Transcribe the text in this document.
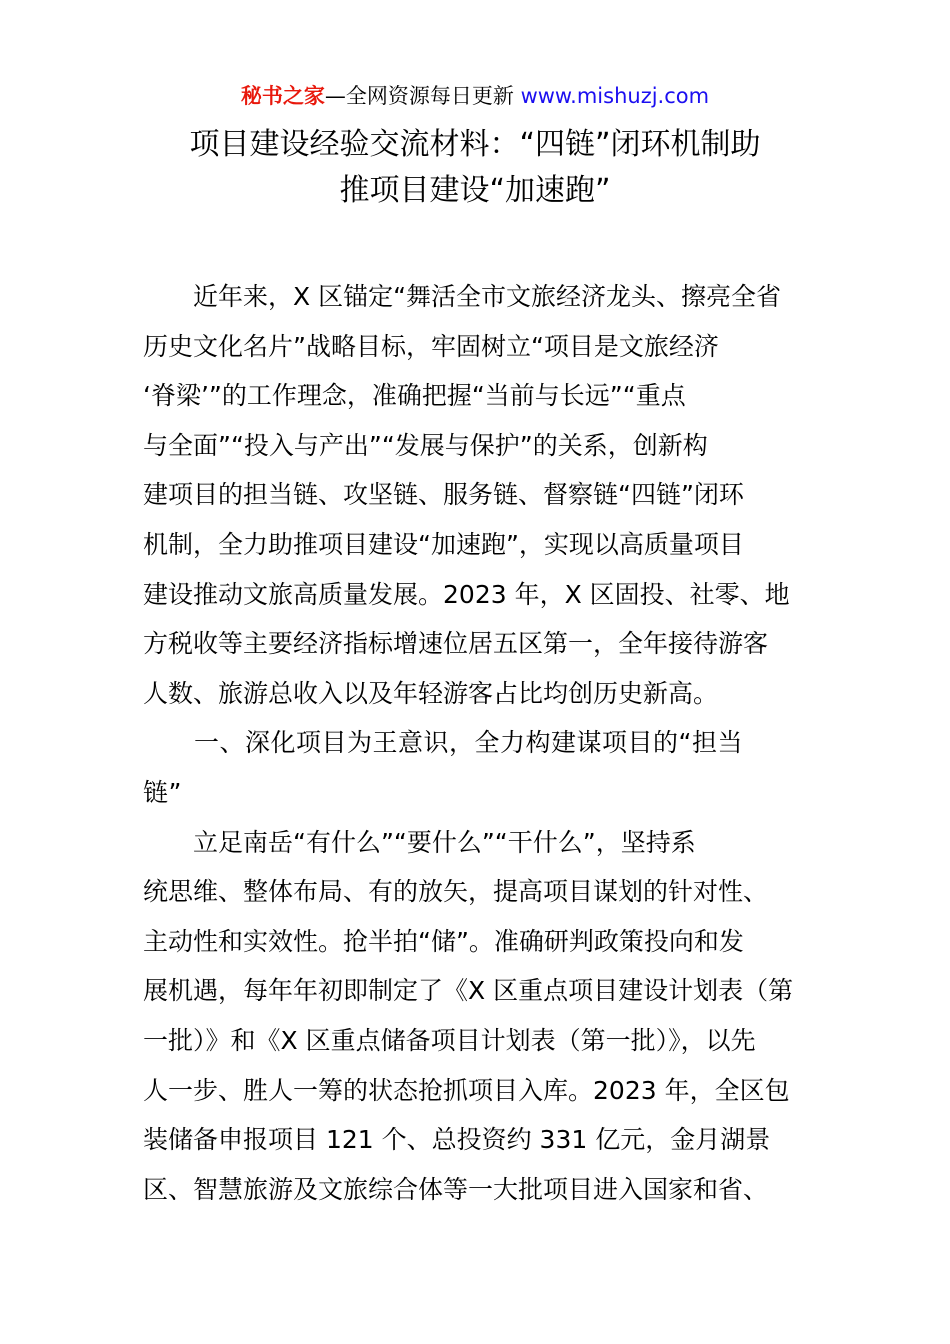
秘书之家—全网资源每日更新 www.mishuzj.com
项目建设经验交流材料：“四链”闭环机制助
推项目建设“加速跑”
　　近年来，X 区锚定“舞活全市文旅经济龙头、擦亮全省
历史文化名片”战略目标，牢固树立“项目是文旅经济
‘脊梁’”的工作理念，准确把握“当前与长远”“重点
与全面”“投入与产出”“发展与保护”的关系，创新构
建项目的担当链、攻坚链、服务链、督察链“四链”闭环
机制，全力助推项目建设“加速跑”，实现以高质量项目
建设推动文旅高质量发展。2023 年，X 区固投、社零、地
方税收等主要经济指标增速位居五区第一，全年接待游客
人数、旅游总收入以及年轻游客占比均创历史新高。
　　一、深化项目为王意识，全力构建谋项目的“担当
链”
　　立足南岳“有什么”“要什么”“干什么”，坚持系
统思维、整体布局、有的放矢，提高项目谋划的针对性、
主动性和实效性。抢半拍“储”。准确研判政策投向和发
展机遇，每年年初即制定了《X 区重点项目建设计划表（第
一批）》和《X 区重点储备项目计划表（第一批）》，以先
人一步、胜人一筹的状态抢抓项目入库。2023 年，全区包
装储备申报项目 121 个、总投资约 331 亿元，金月湖景
区、智慧旅游及文旅综合体等一大批项目进入国家和省、
